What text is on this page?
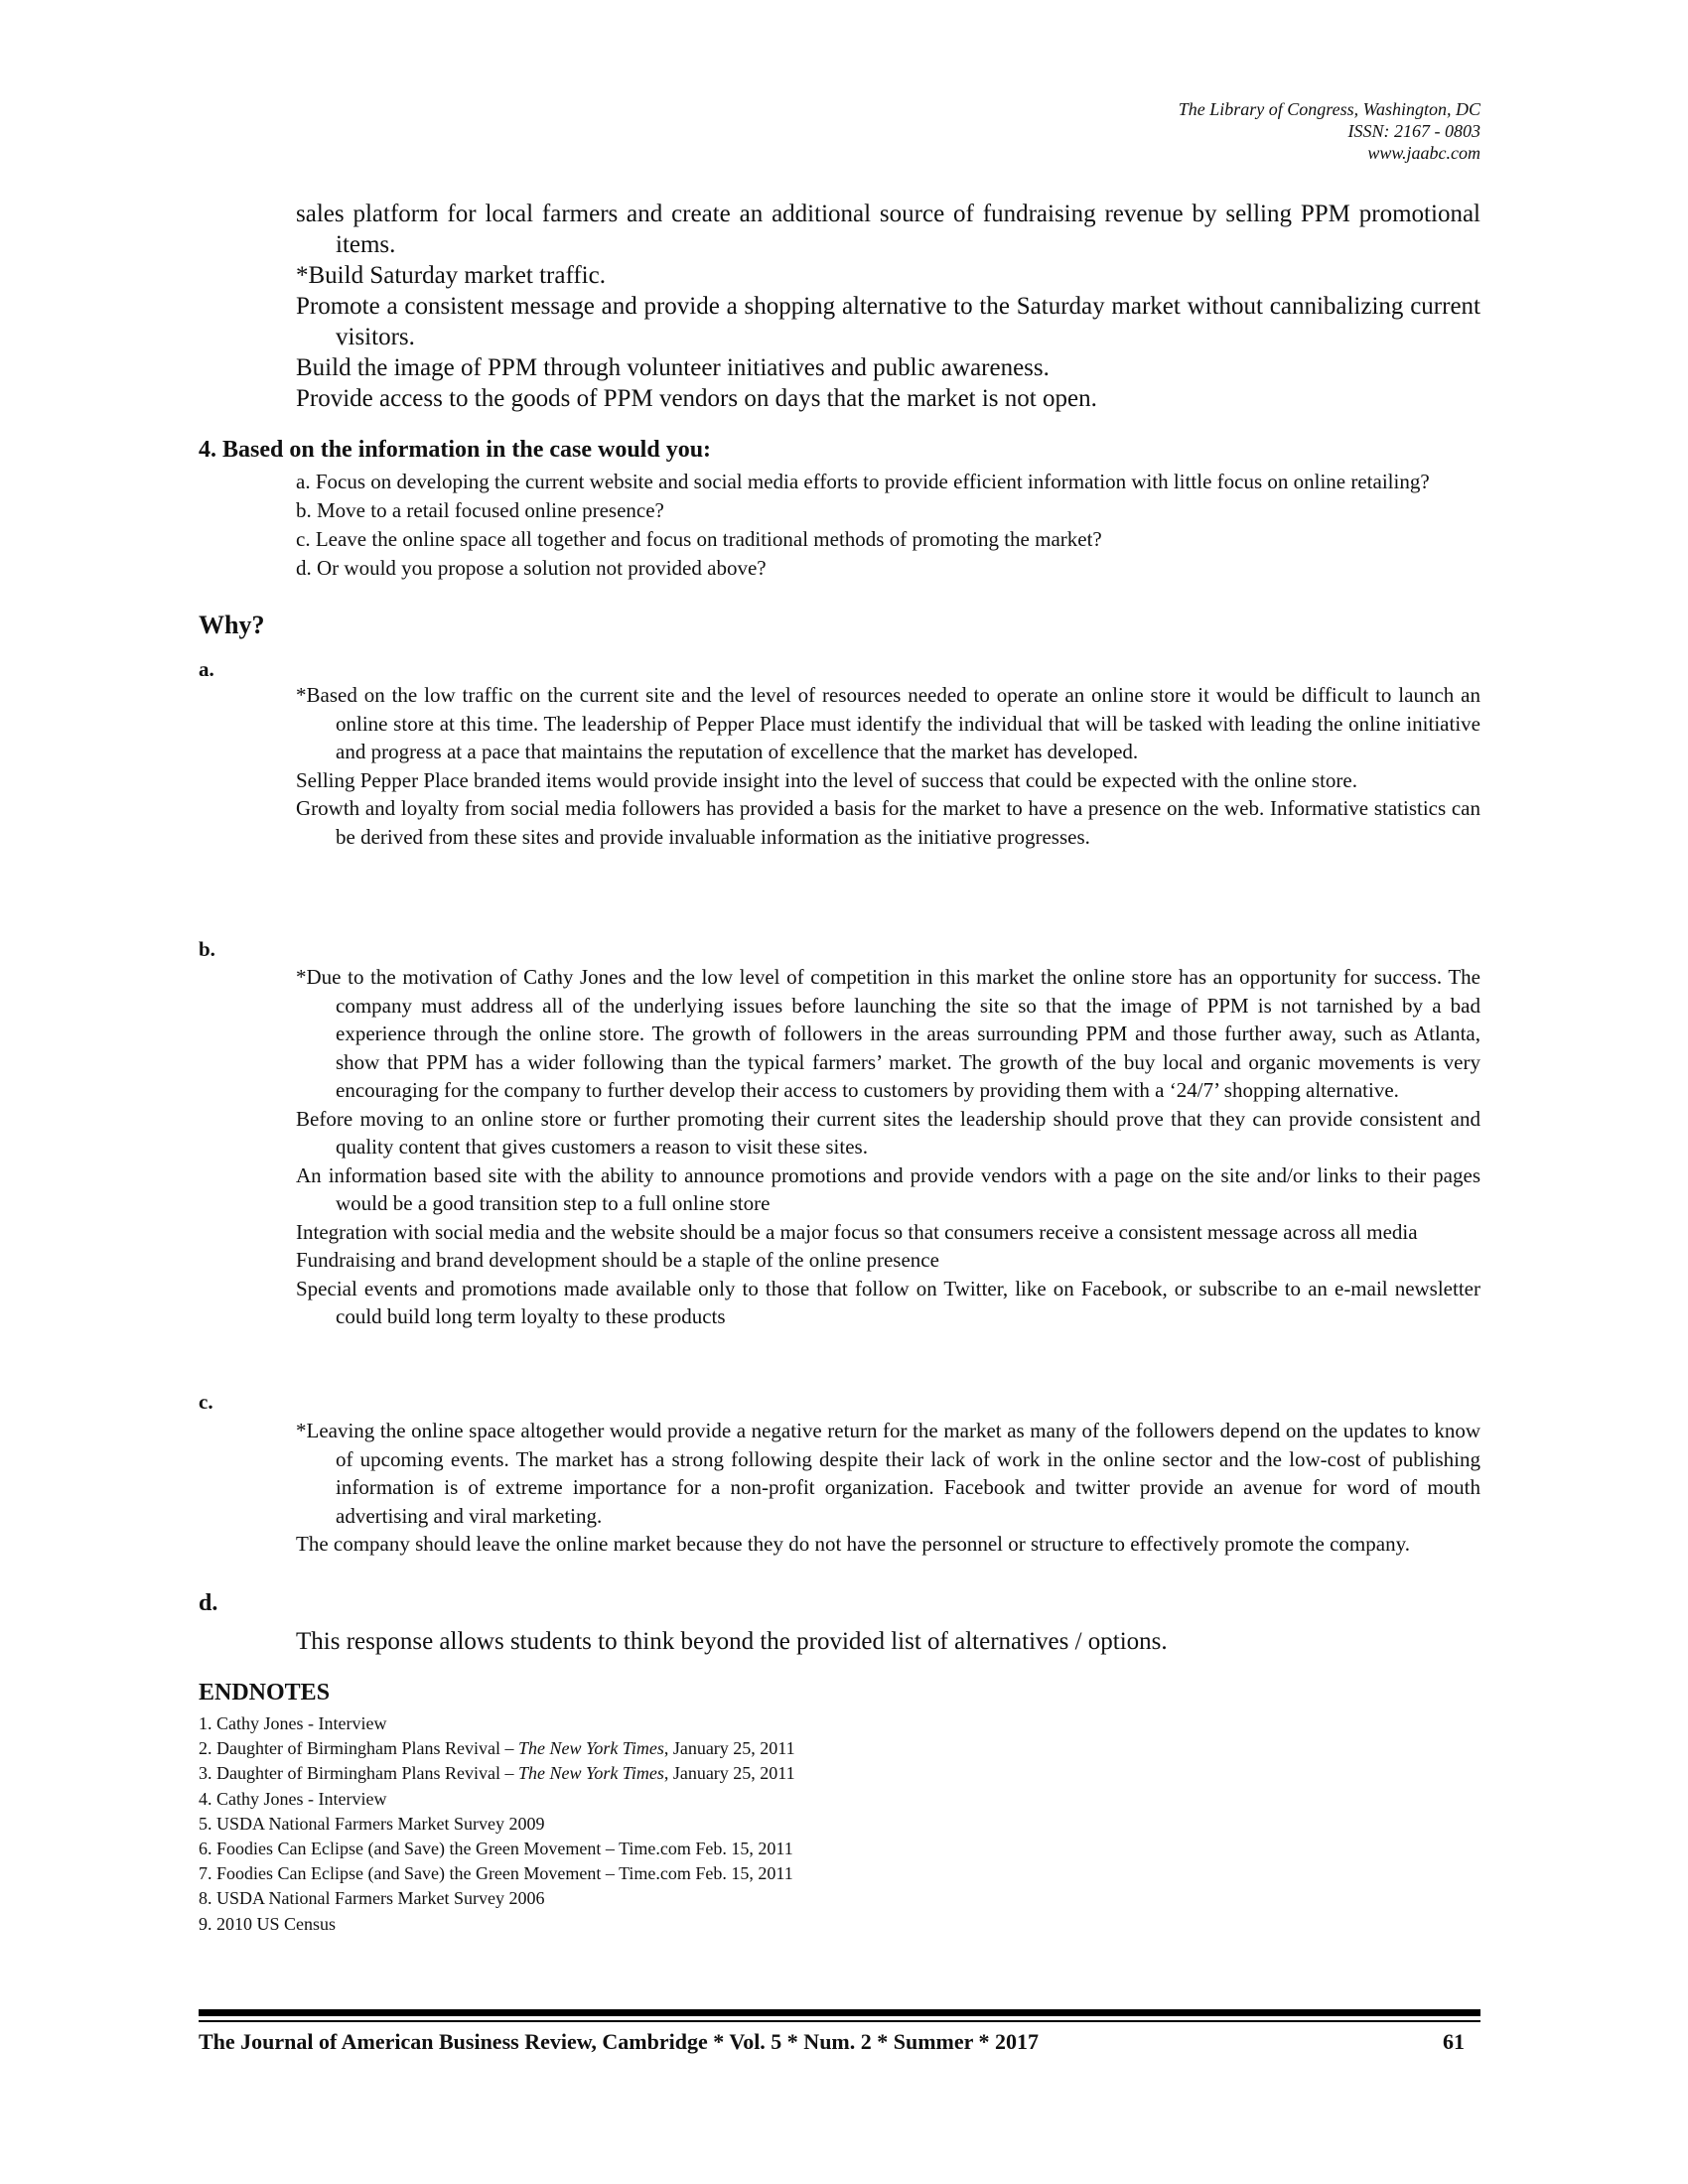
The Library of Congress, Washington, DC
ISSN: 2167 - 0803
www.jaabc.com

sales platform for local farmers and create an additional source of fundraising revenue by selling PPM promotional items.

*Build Saturday market traffic.

Promote a consistent message and provide a shopping alternative to the Saturday market without cannibalizing current visitors.

Build the image of PPM through volunteer initiatives and public awareness.

Provide access to the goods of PPM vendors on days that the market is not open.

4. Based on the information in the case would you:

a. Focus on developing the current website and social media efforts to provide efficient information with little focus on online retailing?

b. Move to a retail focused online presence?

c. Leave the online space all together and focus on traditional methods of promoting the market?

d. Or would you propose a solution not provided above?

Why?
a.

*Based on the low traffic on the current site and the level of resources needed to operate an online store it would be difficult to launch an online store at this time. The leadership of Pepper Place must identify the individual that will be tasked with leading the online initiative and progress at a pace that maintains the reputation of excellence that the market has developed.

Selling Pepper Place branded items would provide insight into the level of success that could be expected with the online store.

Growth and loyalty from social media followers has provided a basis for the market to have a presence on the web. Informative statistics can be derived from these sites and provide invaluable information as the initiative progresses.

b.

*Due to the motivation of Cathy Jones and the low level of competition in this market the online store has an opportunity for success. The company must address all of the underlying issues before launching the site so that the image of PPM is not tarnished by a bad experience through the online store. The growth of followers in the areas surrounding PPM and those further away, such as Atlanta, show that PPM has a wider following than the typical farmers’ market. The growth of the buy local and organic movements is very encouraging for the company to further develop their access to customers by providing them with a ‘24/7’ shopping alternative.

Before moving to an online store or further promoting their current sites the leadership should prove that they can provide consistent and quality content that gives customers a reason to visit these sites.

An information based site with the ability to announce promotions and provide vendors with a page on the site and/or links to their pages would be a good transition step to a full online store

Integration with social media and the website should be a major focus so that consumers receive a consistent message across all media

Fundraising and brand development should be a staple of the online presence

Special events and promotions made available only to those that follow on Twitter, like on Facebook, or subscribe to an e-mail newsletter could build long term loyalty to these products

c.

*Leaving the online space altogether would provide a negative return for the market as many of the followers depend on the updates to know of upcoming events. The market has a strong following despite their lack of work in the online sector and the low-cost of publishing information is of extreme importance for a non-profit organization. Facebook and twitter provide an avenue for word of mouth advertising and viral marketing.

The company should leave the online market because they do not have the personnel or structure to effectively promote the company.

d.
This response allows students to think beyond the provided list of alternatives / options.
ENDNOTES
1. Cathy Jones - Interview
2. Daughter of Birmingham Plans Revival – The New York Times, January 25, 2011
3. Daughter of Birmingham Plans Revival – The New York Times, January 25, 2011
4. Cathy Jones - Interview
5. USDA National Farmers Market Survey 2009
6. Foodies Can Eclipse (and Save) the Green Movement – Time.com Feb. 15, 2011
7. Foodies Can Eclipse (and Save) the Green Movement – Time.com Feb. 15, 2011
8. USDA National Farmers Market Survey 2006
9. 2010 US Census
The Journal of American Business Review, Cambridge * Vol. 5 * Num. 2 * Summer * 2017	61
